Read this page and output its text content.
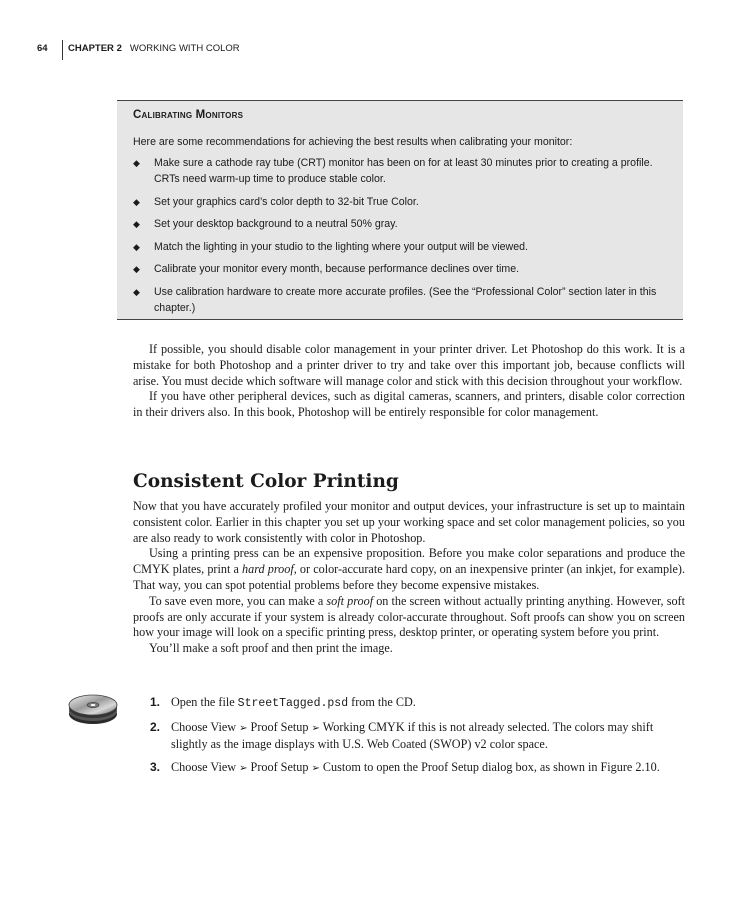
64 CHAPTER 2 WORKING WITH COLOR
Calibrating Monitors
Here are some recommendations for achieving the best results when calibrating your monitor:
◆ Make sure a cathode ray tube (CRT) monitor has been on for at least 30 minutes prior to creating a profile. CRTs need warm-up time to produce stable color.
◆ Set your graphics card’s color depth to 32-bit True Color.
◆ Set your desktop background to a neutral 50% gray.
◆ Match the lighting in your studio to the lighting where your output will be viewed.
◆ Calibrate your monitor every month, because performance declines over time.
◆ Use calibration hardware to create more accurate profiles. (See the “Professional Color” section later in this chapter.)

If possible, you should disable color management in your printer driver. Let Photoshop do this work. It is a mistake for both Photoshop and a printer driver to try and take over this important job, because conflicts will arise. You must decide which software will manage color and stick with this decision throughout your workflow.

If you have other peripheral devices, such as digital cameras, scanners, and printers, disable color correction in their drivers also. In this book, Photoshop will be entirely responsible for color management.

Consistent Color Printing

Now that you have accurately profiled your monitor and output devices, your infrastructure is set up to maintain consistent color. Earlier in this chapter you set up your working space and set color management policies, so you are also ready to work consistently with color in Photoshop.

Using a printing press can be an expensive proposition. Before you make color separations and produce the CMYK plates, print a hard proof, or color-accurate hard copy, on an inexpensive printer (an inkjet, for example). That way, you can spot potential problems before they become expensive mistakes.

To save even more, you can make a soft proof on the screen without actually printing anything. However, soft proofs are only accurate if your system is already color-accurate throughout. Soft proofs can show you on screen how your image will look on a specific printing press, desktop printer, or operating system before you print.

You’ll make a soft proof and then print the image.

1. Open the file StreetTagged.psd from the CD.
2. Choose View ➢ Proof Setup ➢ Working CMYK if this is not already selected. The colors may shift slightly as the image displays with U.S. Web Coated (SWOP) v2 color space.
3. Choose View ➢ Proof Setup ➢ Custom to open the Proof Setup dialog box, as shown in Figure 2.10.
